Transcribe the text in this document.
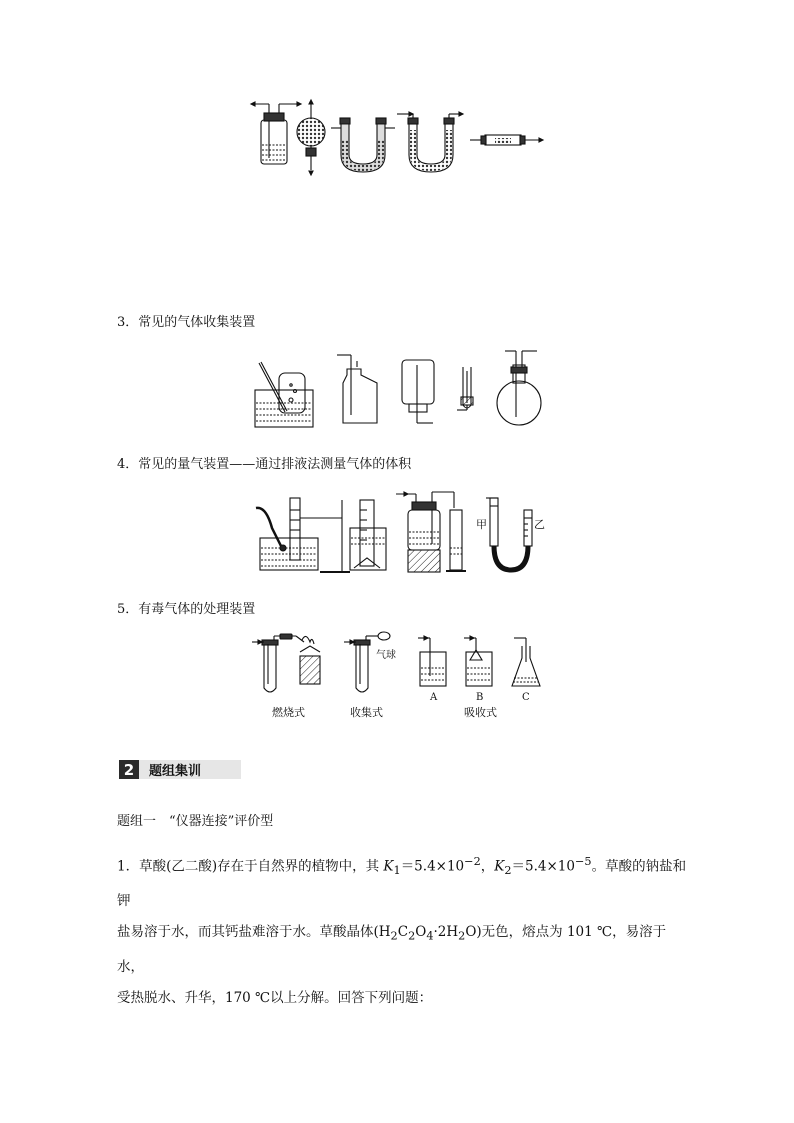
3．常见的气体收集装置
4．常见的量气装置——通过排液法测量气体的体积
甲	乙
5．有毒气体的处理装置
气球
A	B	C
燃烧式	收集式	吸收式
2	题组集训
题组一　“仪器连接”评价型
1．草酸(乙二酸)存在于自然界的植物中，其 $K_1=5.4\times 10^{-2}$，$K_2=5.4\times 10^{-5}$。草酸的钠盐和钾
盐易溶于水，而其钙盐难溶于水。草酸晶体$(H_2C_2O_4\cdot 2H_2O)$无色，熔点为 101 ℃，易溶于水，
受热脱水、升华，170 ℃以上分解。回答下列问题：
